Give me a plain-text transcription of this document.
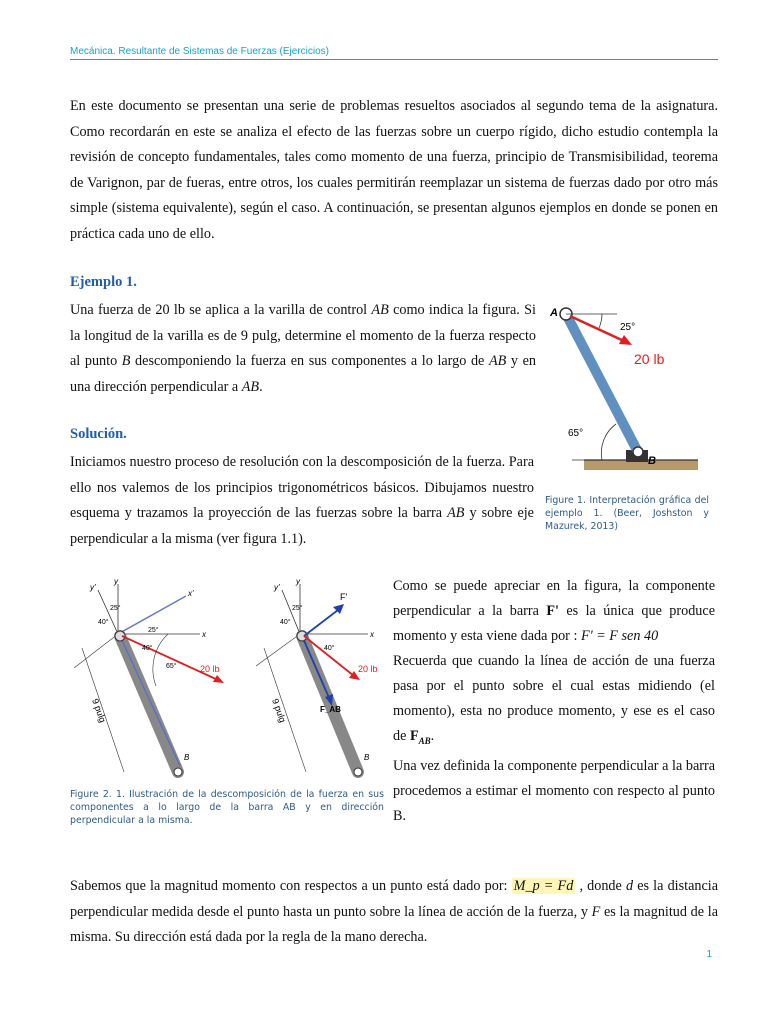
Mecánica. Resultante de Sistemas de Fuerzas (Ejercicios)
En este documento se presentan una serie de problemas resueltos asociados al segundo tema de la asignatura. Como recordarán en este se analiza el efecto de las fuerzas sobre un cuerpo rígido, dicho estudio contempla la revisión de concepto fundamentales, tales como momento de una fuerza, principio de Transmisibilidad, teorema de Varignon, par de fueras, entre otros, los cuales permitirán reemplazar un sistema de fuerzas dado por otro más simple (sistema equivalente), según el caso. A continuación, se presentan algunos ejemplos en donde se ponen en práctica cada uno de ello.
Ejemplo 1.
Una fuerza de 20 lb se aplica a la varilla de control AB como indica la figura. Si la longitud de la varilla es de 9 pulg, determine el momento de la fuerza respecto al punto B descomponiendo la fuerza en sus componentes a lo largo de AB y en una dirección perpendicular a AB.
A
B
25°
65°
20 lb
Figure 1. Interpretación gráfica del ejemplo 1. (Beer, Joshston y Mazurek, 2013)
Solución.
Iniciamos nuestro proceso de resolución con la descomposición de la fuerza. Para ello nos valemos de los principios trigonométricos básicos. Dibujamos nuestro esquema y trazamos la proyección de las fuerzas sobre la barra AB y sobre eje perpendicular a la misma (ver figura 1.1).
y
y'
x
x'
25°
25°
40°
40°
65°	20 lb
9 pulg
B
y
y'
x
F'
25°
40°
40°
20 lb
F_AB
9 pulg
B
Figure 2. 1. Ilustración de la descomposición de la fuerza en sus componentes a lo largo de la barra AB y en dirección perpendicular a la misma.
Como se puede apreciar en la figura, la componente perpendicular a la barra F' es la única que produce momento y esta viene dada por : F' = F sen 40
Recuerda que cuando la línea de acción de una fuerza pasa por el punto sobre el cual estas midiendo (el momento), esta no produce momento, y ese es el caso de $F_{AB}$.
Una vez definida la componente perpendicular a la barra procedemos a estimar el momento con respecto al punto B.
Sabemos que la magnitud momento con respectos a un punto está dado por: M_p = Fd , donde d es la distancia perpendicular medida desde el punto hasta un punto sobre la línea de acción de la fuerza, y F es la magnitud de la misma. Su dirección está dada por la regla de la mano derecha.
1
